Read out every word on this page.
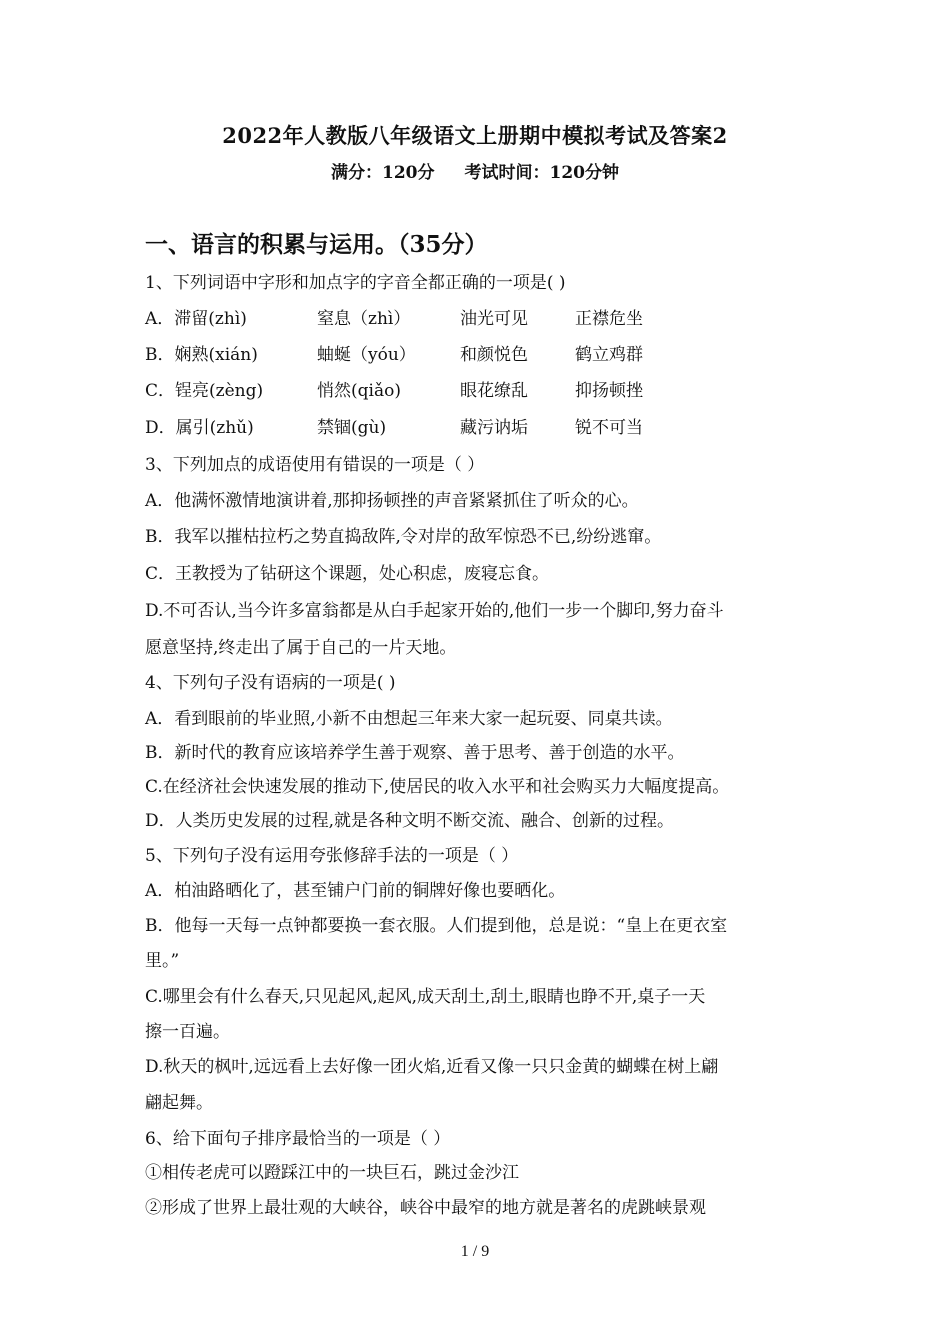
2022年人教版八年级语文上册期中模拟考试及答案2
满分：120分 考试时间：120分钟
一、语言的积累与运用。（35分）
1、下列词语中字形和加点字的字音全都正确的一项是( )
A．滞留(zhì)	窒息（zhì）	油光可见	正襟危坐
B．娴熟(xián)	蚰蜒（yóu）	和颜悦色	鹤立鸡群
C．锃亮(zèng)	悄然(qiǎo)	眼花缭乱	抑扬顿挫
D．属引(zhǔ)	禁锢(gù)	藏污讷垢	锐不可当
3、下列加点的成语使用有错误的一项是（ ）
A．他满怀激情地演讲着,那抑扬顿挫的声音紧紧抓住了听众的心。
B．我军以摧枯拉朽之势直捣敌阵,令对岸的敌军惊恐不已,纷纷逃窜。
C．王教授为了钻研这个课题，处心积虑，废寝忘食。
D.不可否认,当今许多富翁都是从白手起家开始的,他们一步一个脚印,努力奋斗
愿意坚持,终走出了属于自己的一片天地。
4、下列句子没有语病的一项是( )
A．看到眼前的毕业照,小新不由想起三年来大家一起玩耍、同桌共读。
B．新时代的教育应该培养学生善于观察、善于思考、善于创造的水平。
C.在经济社会快速发展的推动下,使居民的收入水平和社会购买力大幅度提高。
D．人类历史发展的过程,就是各种文明不断交流、融合、创新的过程。
5、下列句子没有运用夸张修辞手法的一项是（ ）
A．柏油路晒化了，甚至铺户门前的铜牌好像也要晒化。
B．他每一天每一点钟都要换一套衣服。人们提到他，总是说：“皇上在更衣室
里。”
C.哪里会有什么春天,只见起风,起风,成天刮土,刮土,眼睛也睁不开,桌子一天
擦一百遍。
D.秋天的枫叶,远远看上去好像一团火焰,近看又像一只只金黄的蝴蝶在树上翩
翩起舞。
6、给下面句子排序最恰当的一项是（ ）
①相传老虎可以蹬踩江中的一块巨石，跳过金沙江
②形成了世界上最壮观的大峡谷，峡谷中最窄的地方就是著名的虎跳峡景观
1 / 9
